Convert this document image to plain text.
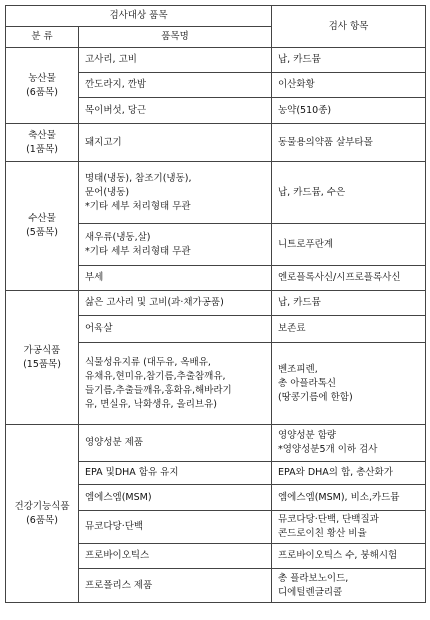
검사대상 품목		검사 항목
분 류	품목명	

농산물
(6품목)	고사리, 고비	납, 카드뮴

	깐도라지, 깐밤	이산화황

	목이버섯, 당근	농약(510종)

축산물
(1품목)	돼지고기	동물용의약품 살부타몰

수산물
(5품목)	명태(냉동), 참조기(냉동),
문어(냉동)
*기타 세부 처리형태 무관	납, 카드뮴, 수은

	새우류(냉동,살)
*기타 세부 처리형태 무관	니트로푸란계

	부세	엔로플록사신/시프로플록사신

가공식품
(15품목)	삶은 고사리 및 고비(과·채가공품)	납, 카드뮴

	어육살	보존료

	식물성유지류 (대두유, 옥배유,
유채유,현미유,참기름,추출참깨유,
들기름,추출들깨유,홍화유,해바라기
유, 면실유, 낙화생유, 올리브유)	벤조피렌,
총 아플라톡신
(땅콩기름에 한함)

건강기능식품
(6품목)	영양성분 제품	영양성분 함량
*영양성분5개 이하 검사

	EPA 및DHA 함유 유지	EPA와 DHA의 합, 총산화가

	엠에스엠(MSM)	엠에스엠(MSM), 비소,카드뮴

	뮤코다당·단백	뮤코다당·단백, 단백질과
콘드로이친 황산 비율

	프로바이오틱스	프로바이오틱스 수, 붕해시험

	프로폴리스 제품	총 플라보노이드,
디에틸렌글리콜
